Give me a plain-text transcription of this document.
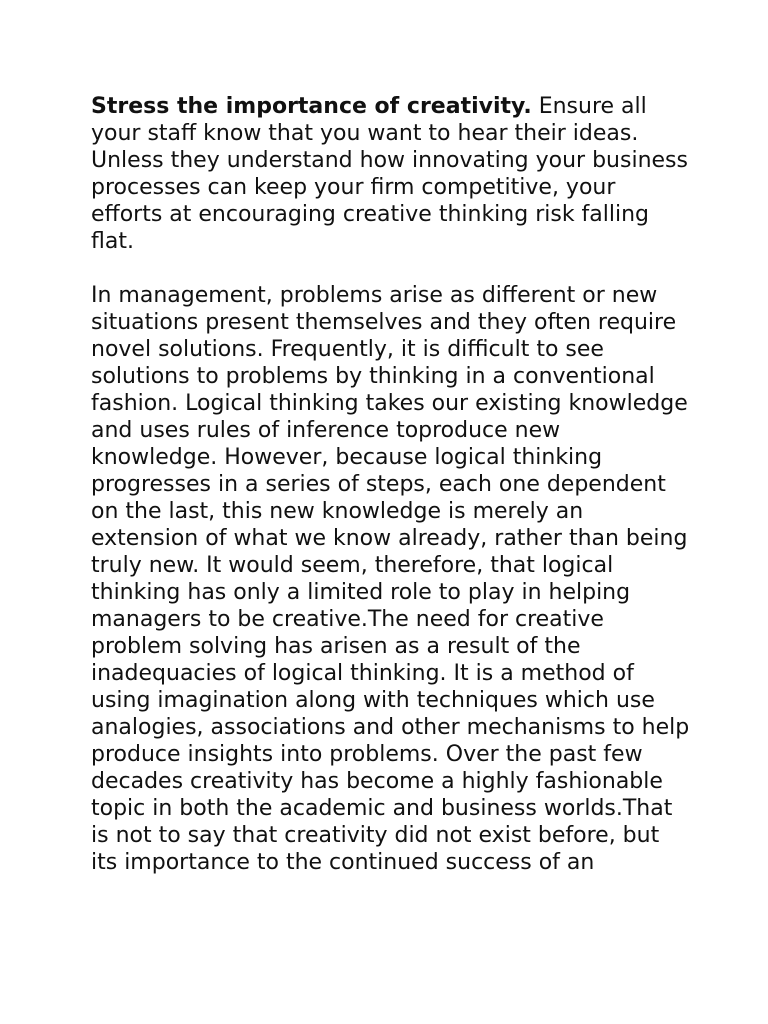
Stress the importance of creativity. Ensure all your staff know that you want to hear their ideas. Unless they understand how innovating your business processes can keep your firm competitive, your efforts at encouraging creative thinking risk falling flat.

In management, problems arise as different or new situations present themselves and they often require novel solutions. Frequently, it is difficult to see solutions to problems by thinking in a conventional fashion. Logical thinking takes our existing knowledge and uses rules of inference toproduce new knowledge. However, because logical thinking progresses in a series of steps, each one dependent on the last, this new knowledge is merely an extension of what we know already, rather than being truly new. It would seem, therefore, that logical thinking has only a limited role to play in helping managers to be creative.The need for creative problem solving has arisen as a result of the inadequacies of logical thinking. It is a method of using imagination along with techniques which use analogies, associations and other mechanisms to help produce insights into problems. Over the past few decades creativity has become a highly fashionable topic in both the academic and business worlds.That is not to say that creativity did not exist before, but its importance to the continued success of an
